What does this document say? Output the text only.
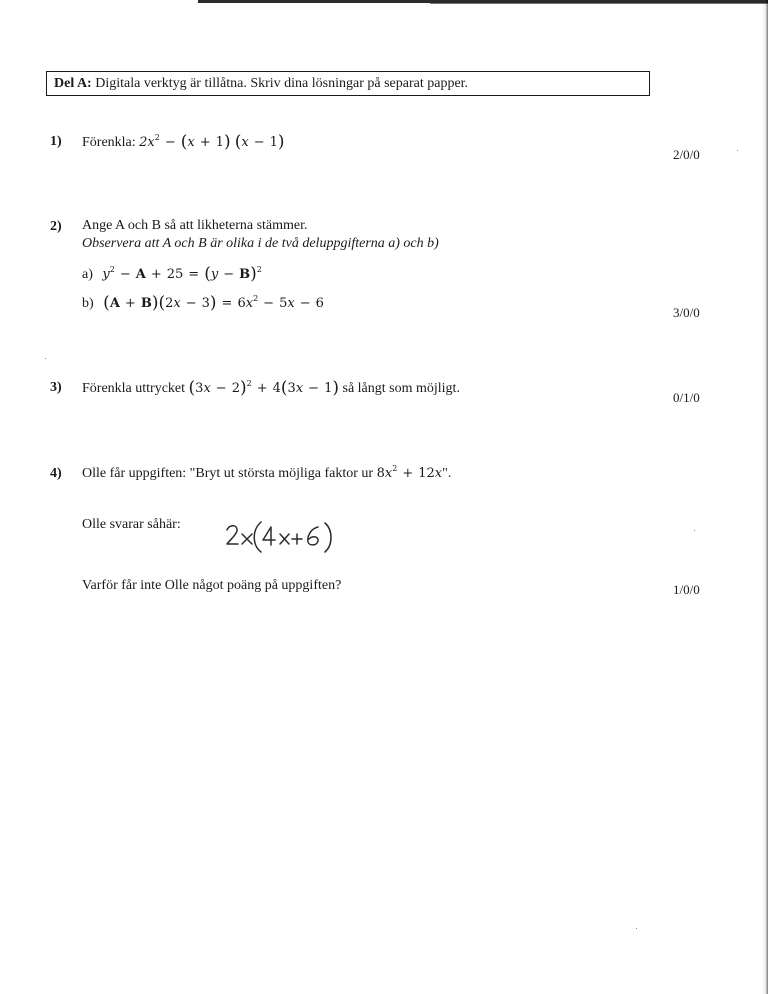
Del A: Digitala verktyg är tillåtna. Skriv dina lösningar på separat papper.
1) Förenkla: $2x^2 - (x + 1) (x - 1)$
2/0/0
2) Ange A och B så att likheterna stämmer.
Observera att A och B är olika i de två deluppgifterna a) och b)
a) $y^2 - A + 25 = (y - B)^2$
b) $(A + B)(2x - 3) = 6x^2 - 5x - 6$
3/0/0
3) Förenkla uttrycket $(3x - 2)^2 + 4(3x - 1)$ så långt som möjligt.
0/1/0
4) Olle får uppgiften: "Bryt ut största möjliga faktor ur $8x^2 + 12x$".
Olle svarar såhär:
Varför får inte Olle något poäng på uppgiften?	1/0/0
